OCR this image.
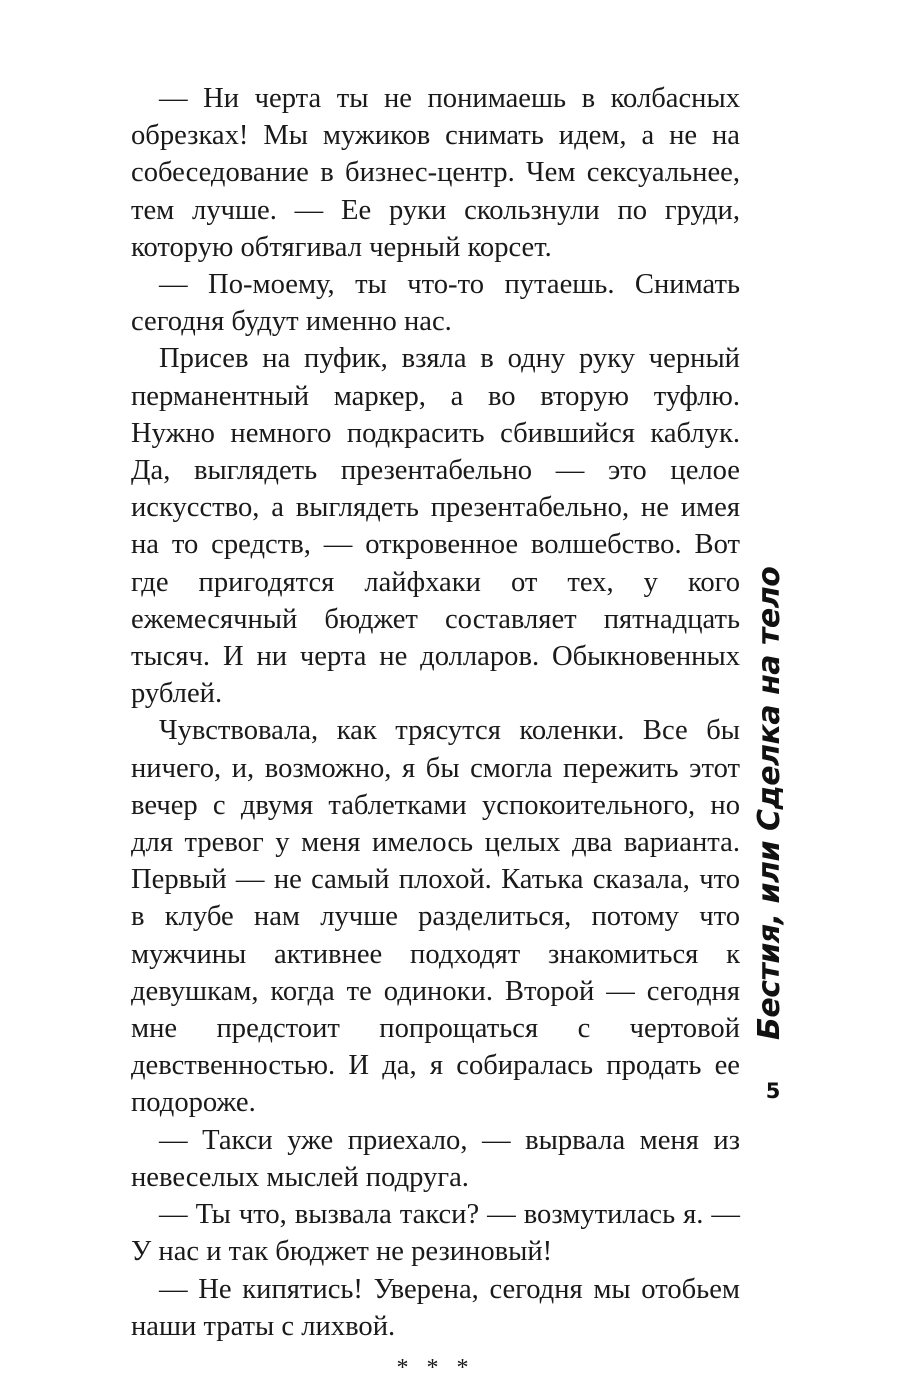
— Ни черта ты не понимаешь в колбасных обрезках! Мы мужиков снимать идем, а не на собеседование в бизнес-центр. Чем сексуальнее, тем лучше. — Ее руки скользнули по груди, которую обтягивал черный корсет.

— По-моему, ты что-то путаешь. Снимать сегодня будут именно нас.

Присев на пуфик, взяла в одну руку черный перманентный маркер, а во вторую туфлю. Нужно немного подкрасить сбившийся каблук. Да, выглядеть презентабельно — это целое искусство, а выглядеть презентабельно, не имея на то средств, — откровенное волшебство. Вот где пригодятся лайфхаки от тех, у кого ежемесячный бюджет составляет пятнадцать тысяч. И ни черта не долларов. Обыкновенных рублей.

Чувствовала, как трясутся коленки. Все бы ничего, и, возможно, я бы смогла пережить этот вечер с двумя таблетками успокоительного, но для тревог у меня имелось целых два варианта. Первый — не самый плохой. Катька сказала, что в клубе нам лучше разделиться, потому что мужчины активнее подходят знакомиться к девушкам, когда те одиноки. Второй — сегодня мне предстоит попрощаться с чертовой девственностью. И да, я собиралась продать ее подороже.

— Такси уже приехало, — вырвала меня из невеселых мыслей подруга.

— Ты что, вызвала такси? — возмутилась я. — У нас и так бюджет не резиновый!

— Не кипятись! Уверена, сегодня мы отобьем наши траты с лихвой.

* * *
Бестия, или Сделка на тело
5
